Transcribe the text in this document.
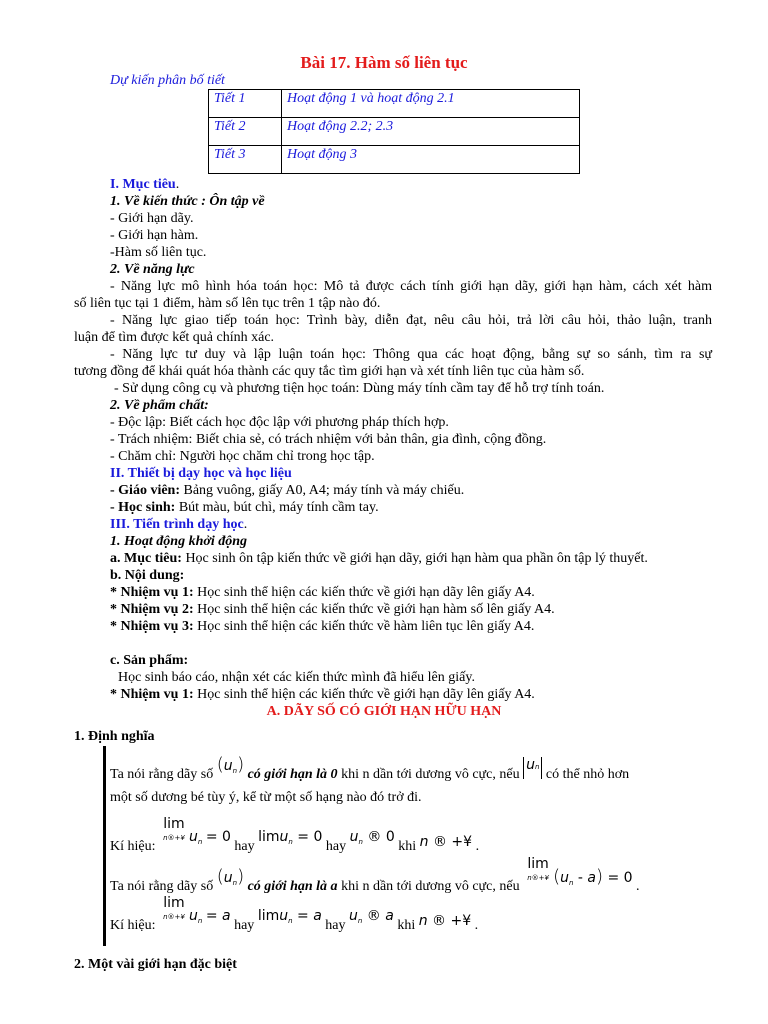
Bài 17. Hàm số liên tục
Dự kiến phân bố tiết
Tiết 1	Hoạt động 1 và hoạt động 2.1
Tiết 2	Hoạt động 2.2; 2.3
Tiết 3	Hoạt động 3
I. Mục tiêu.
1. Về kiến thức : Ôn tập về
- Giới hạn dãy.
- Giới hạn hàm.
-Hàm số liên tục.
2. Về năng lực
- Năng lực mô hình hóa toán học: Mô tả được cách tính giới hạn dãy, giới hạn hàm, cách xét hàm
số liên tục tại 1 điểm, hàm số lên tục trên 1 tập nào đó.
- Năng lực giao tiếp toán học: Trình bày, diễn đạt, nêu câu hỏi, trả lời câu hỏi, thảo luận, tranh
luận để tìm được kết quả chính xác.
- Năng lực tư duy và lập luận toán học: Thông qua các hoạt động, bằng sự so sánh, tìm ra sự
tương đồng để khái quát hóa thành các quy tắc tìm giới hạn và xét tính liên tục của hàm số.
- Sử dụng công cụ và phương tiện học toán: Dùng máy tính cầm tay để hỗ trợ tính toán.
2. Về phẩm chất:
- Độc lập: Biết cách học độc lập với phương pháp thích hợp.
- Trách nhiệm: Biết chia sẻ, có trách nhiệm với bản thân, gia đình, cộng đồng.
- Chăm chỉ: Người học chăm chỉ trong học tập.
II. Thiết bị dạy học và học liệu
- Giáo viên: Bảng vuông, giấy A0, A4; máy tính và máy chiếu.
- Học sinh: Bút màu, bút chì, máy tính cầm tay.
III. Tiến trình dạy học.
1. Hoạt động khởi động
a. Mục tiêu: Học sinh ôn tập kiến thức về giới hạn dãy, giới hạn hàm qua phần ôn tập lý thuyết.
b. Nội dung:
* Nhiệm vụ 1: Học sinh thể hiện các kiến thức về giới hạn dãy lên giấy A4.
* Nhiệm vụ 2: Học sinh thể hiện các kiến thức về giới hạn hàm số lên giấy A4.
* Nhiệm vụ 3: Học sinh thể hiện các kiến thức về hàm liên tục lên giấy A4.
c. Sản phẩm:
Học sinh báo cáo, nhận xét các kiến thức mình đã hiểu lên giấy.
* Nhiệm vụ 1: Học sinh thể hiện các kiến thức về giới hạn dãy lên giấy A4.
A. DÃY SỐ CÓ GIỚI HẠN HỮU HẠN
1. Định nghĩa
Ta nói rằng dãy số $(u^n)$ có giới hạn là 0 khi n dần tới dương vô cực, nếu un có thể nhỏ hơn
một số dương bé tùy ý, kể từ một số hạng nào đó trở đi.
Kí hiệu:
lim
n®+¥ $u^n = 0$ hay limu$^n$ = 0 hay $u^n$ ® 0 khi n ® +¥ .
Ta nói rằng dãy số $(u^n)$ có giới hạn là a khi n dần tới dương vô cực, nếu
lim
n®+¥ $(u^n - a) = 0$ .
Kí hiệu:
lim
n®+¥ $u^n = a$ hay limu$^n$ = a hay $u^n$ ® a khi n ® +¥ .
2. Một vài giới hạn đặc biệt
